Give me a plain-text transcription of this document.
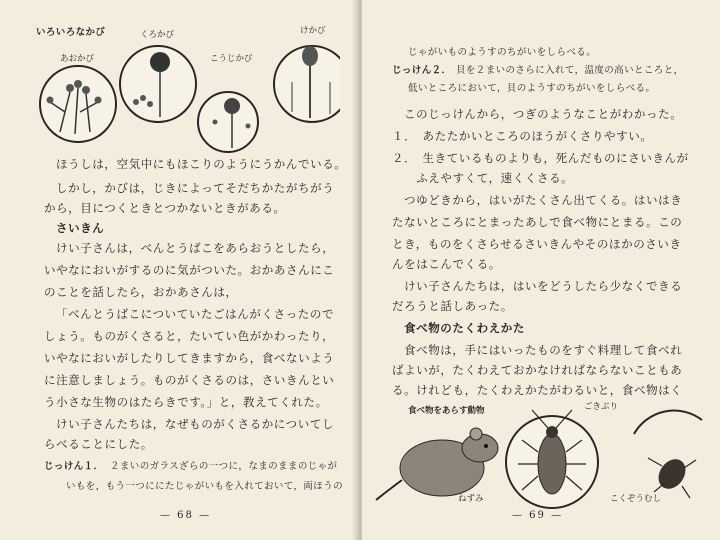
いろいろなかび
あおかび
くろかび
こうじかび
けかび
ほうしは，空気中にもほこりのようにうかんでいる。
しかし，かびは，じきによってそだちかたがちがう
から，目につくときとつかないときがある。
さいきん
けい子さんは，べんとうばこをあらおうとしたら，
いやなにおいがするのに気がついた。おかあさんにこ
のことを話したら，おかあさんは，
「べんとうばこについていたごはんがくさったので
しょう。ものがくさると，たいてい色がかわったり，
いやなにおいがしたりしてきますから，食べないよう
に注意しましょう。ものがくさるのは，さいきんとい
う小さな生物のはたらきです。」と，教えてくれた。
けい子さんたちは，なぜものがくさるかについてし
らべることにした。
じっけん１． ２まいのガラスざらの一つに，なまのままのじゃが
いもを，もう一つににたじゃがいもを入れておいて，両ほうの
— 68 —
じゃがいものようすのちがいをしらべる。
じっけん２． 貝を２まいのさらに入れて，温度の高いところと，
低いところにおいて，貝のようすのちがいをしらべる。
このじっけんから，つぎのようなことがわかった。
１．　あたたかいところのほうがくさりやすい。
２．　生きているものよりも，死んだものにさいきんが
　　ふえやすくて，速くくさる。
つゆどきから，はいがたくさん出てくる。はいはき
たないところにとまったあしで食べ物にとまる。この
とき，ものをくさらせるさいきんやそのほかのさいき
んをはこんでくる。
けい子さんたちは，はいをどうしたら少なくできる
だろうと話しあった。
食べ物のたくわえかた
食べ物は，手にはいったものをすぐ料理して食べれ
ばよいが，たくわえておかなければならないこともあ
る。けれども，たくわえかたがわるいと，食べ物はく
食べ物をあらす動物	ごきぶり
ねずみ	こくぞうむし
— 69 —
